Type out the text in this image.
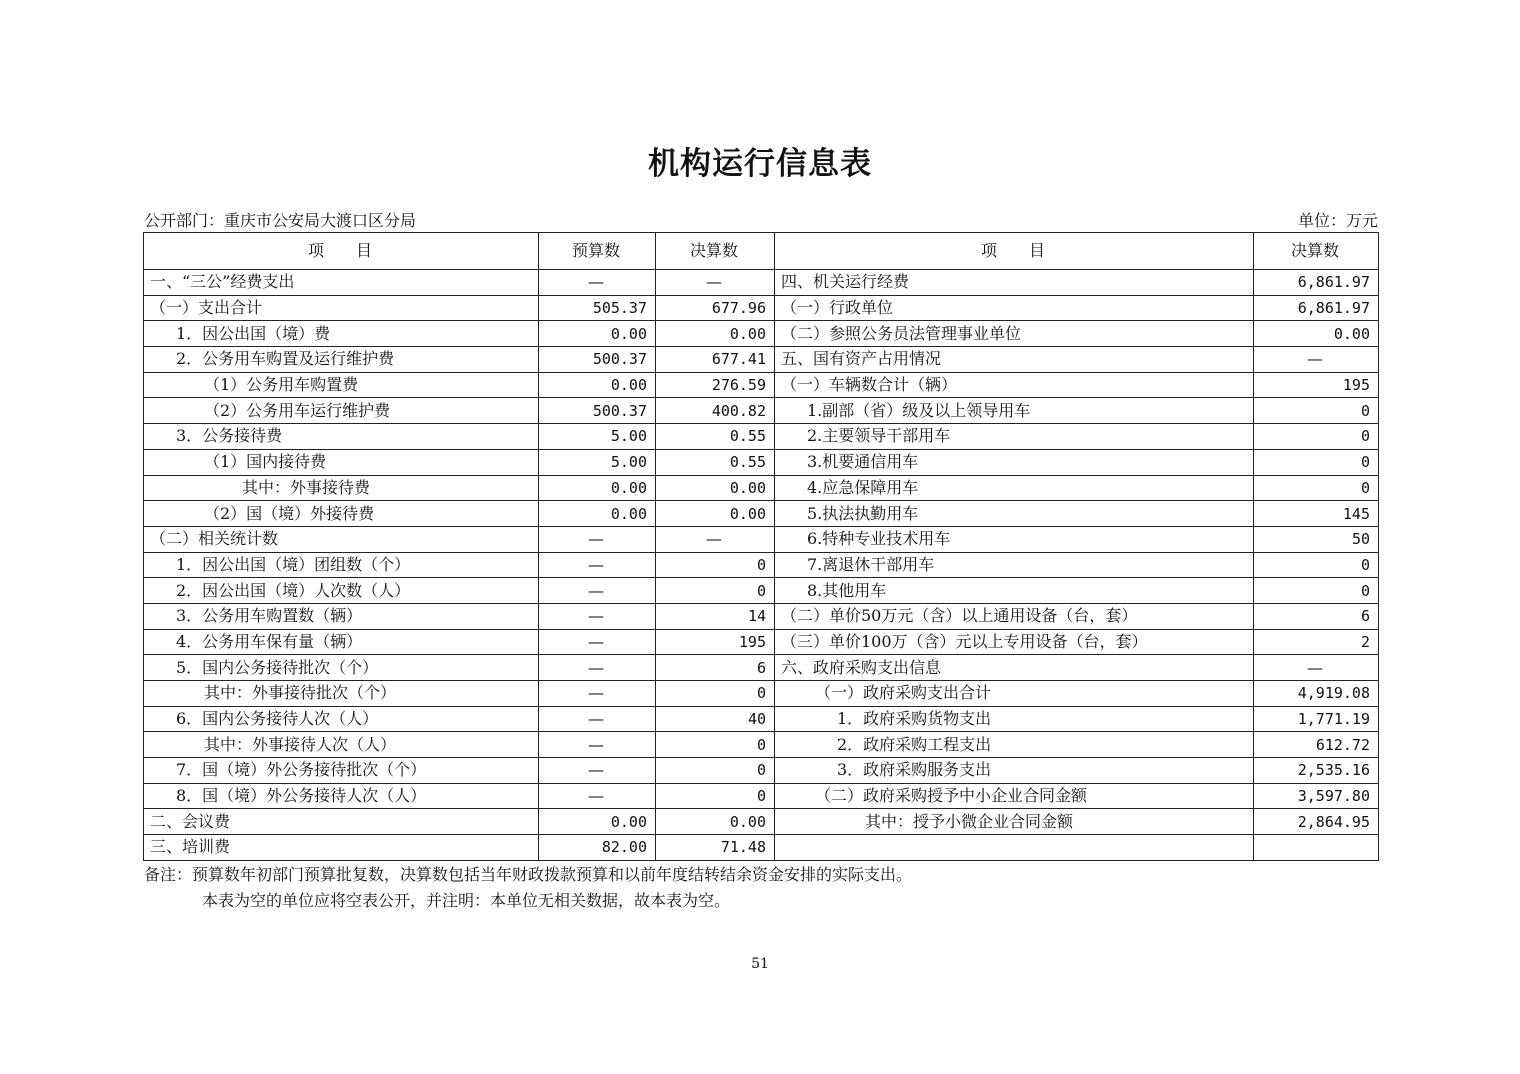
机构运行信息表
公开部门：重庆市公安局大渡口区分局	单位：万元
项　　目	预算数	决算数	项　　目	决算数
一、“三公”经费支出	—	—	四、机关运行经费	6,861.97
（一）支出合计	505.37	677.96	（一）行政单位	6,861.97
1．因公出国（境）费	0.00	0.00	（二）参照公务员法管理事业单位	0.00
2．公务用车购置及运行维护费	500.37	677.41	五、国有资产占用情况	—
（1）公务用车购置费	0.00	276.59	（一）车辆数合计（辆）	195
（2）公务用车运行维护费	500.37	400.82	1.副部（省）级及以上领导用车	0
3．公务接待费	5.00	0.55	2.主要领导干部用车	0
（1）国内接待费	5.00	0.55	3.机要通信用车	0
其中：外事接待费	0.00	0.00	4.应急保障用车	0
（2）国（境）外接待费	0.00	0.00	5.执法执勤用车	145
（二）相关统计数	—	—	6.特种专业技术用车	50
1．因公出国（境）团组数（个）	—	0	7.离退休干部用车	0
2．因公出国（境）人次数（人）	—	0	8.其他用车	0
3．公务用车购置数（辆）	—	14	（二）单价50万元（含）以上通用设备（台，套）	6
4．公务用车保有量（辆）	—	195	（三）单价100万（含）元以上专用设备（台，套）	2
5．国内公务接待批次（个）	—	6	六、政府采购支出信息	—
其中：外事接待批次（个）	—	0	（一）政府采购支出合计	4,919.08
6．国内公务接待人次（人）	—	40	1．政府采购货物支出	1,771.19
其中：外事接待人次（人）	—	0	2．政府采购工程支出	612.72
7．国（境）外公务接待批次（个）	—	0	3．政府采购服务支出	2,535.16
8．国（境）外公务接待人次（人）	—	0	（二）政府采购授予中小企业合同金额	3,597.80
二、会议费	0.00	0.00	其中：授予小微企业合同金额	2,864.95
三、培训费	82.00	71.48		
备注：预算数年初部门预算批复数，决算数包括当年财政拨款预算和以前年度结转结余资金安排的实际支出。
本表为空的单位应将空表公开，并注明：本单位无相关数据，故本表为空。
51
